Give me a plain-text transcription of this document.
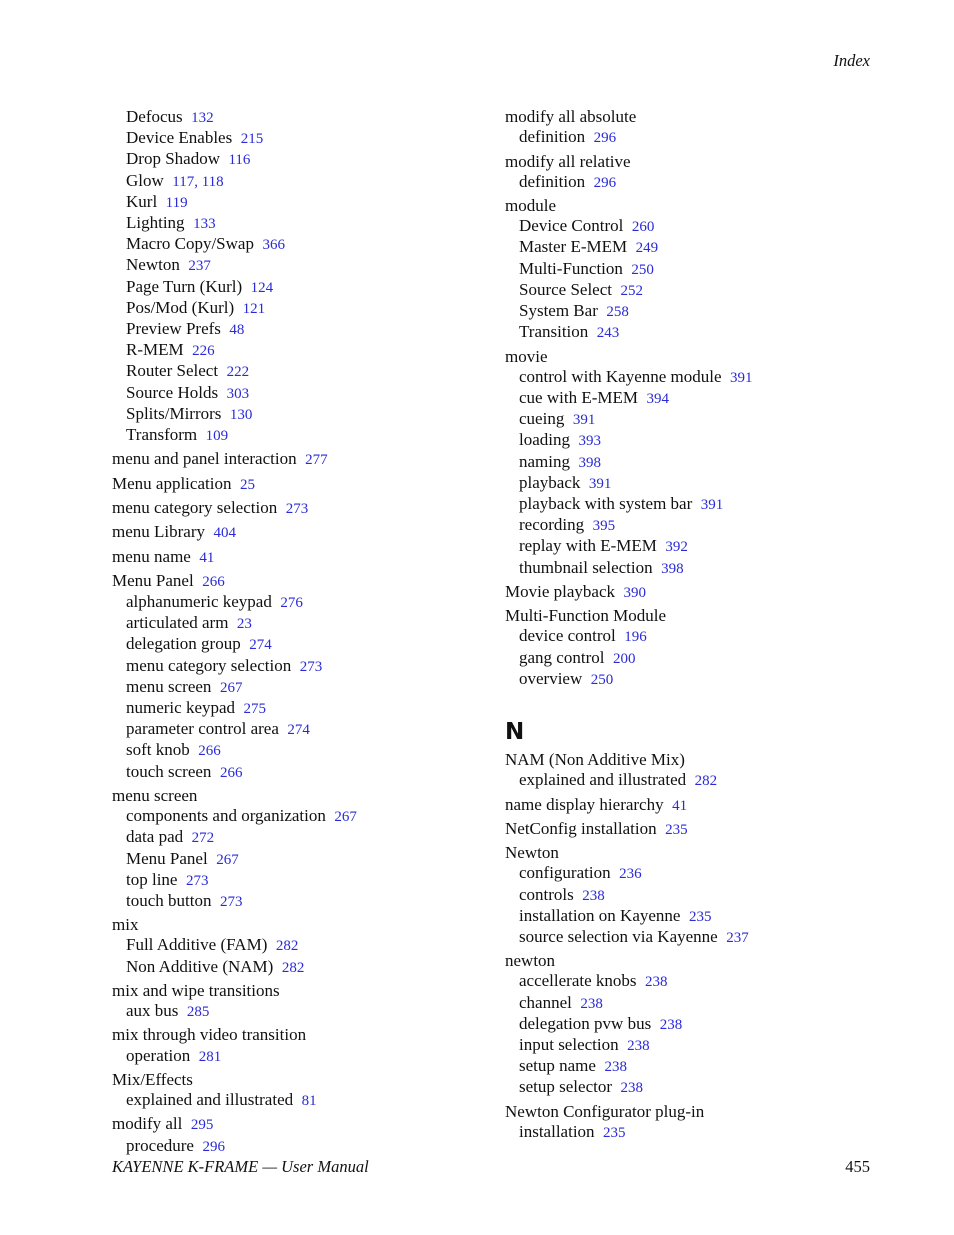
Index
Defocus 132
Device Enables 215
Drop Shadow 116
Glow 117, 118
Kurl 119
Lighting 133
Macro Copy/Swap 366
Newton 237
Page Turn (Kurl) 124
Pos/Mod (Kurl) 121
Preview Prefs 48
R-MEM 226
Router Select 222
Source Holds 303
Splits/Mirrors 130
Transform 109
menu and panel interaction 277
Menu application 25
menu category selection 273
menu Library 404
menu name 41
Menu Panel 266
alphanumeric keypad 276
articulated arm 23
delegation group 274
menu category selection 273
menu screen 267
numeric keypad 275
parameter control area 274
soft knob 266
touch screen 266
menu screen
components and organization 267
data pad 272
Menu Panel 267
top line 273
touch button 273
mix
Full Additive (FAM) 282
Non Additive (NAM) 282
mix and wipe transitions
aux bus 285
mix through video transition
operation 281
Mix/Effects
explained and illustrated 81
modify all 295
procedure 296
modify all absolute
definition 296
modify all relative
definition 296
module
Device Control 260
Master E-MEM 249
Multi-Function 250
Source Select 252
System Bar 258
Transition 243
movie
control with Kayenne module 391
cue with E-MEM 394
cueing 391
loading 393
naming 398
playback 391
playback with system bar 391
recording 395
replay with E-MEM 392
thumbnail selection 398
Movie playback 390
Multi-Function Module
device control 196
gang control 200
overview 250
N
NAM (Non Additive Mix)
explained and illustrated 282
name display hierarchy 41
NetConfig installation 235
Newton
configuration 236
controls 238
installation on Kayenne 235
source selection via Kayenne 237
newton
accellerate knobs 238
channel 238
delegation pvw bus 238
input selection 238
setup name 238
setup selector 238
Newton Configurator plug-in
installation 235
KAYENNE K-FRAME — User Manual	455
